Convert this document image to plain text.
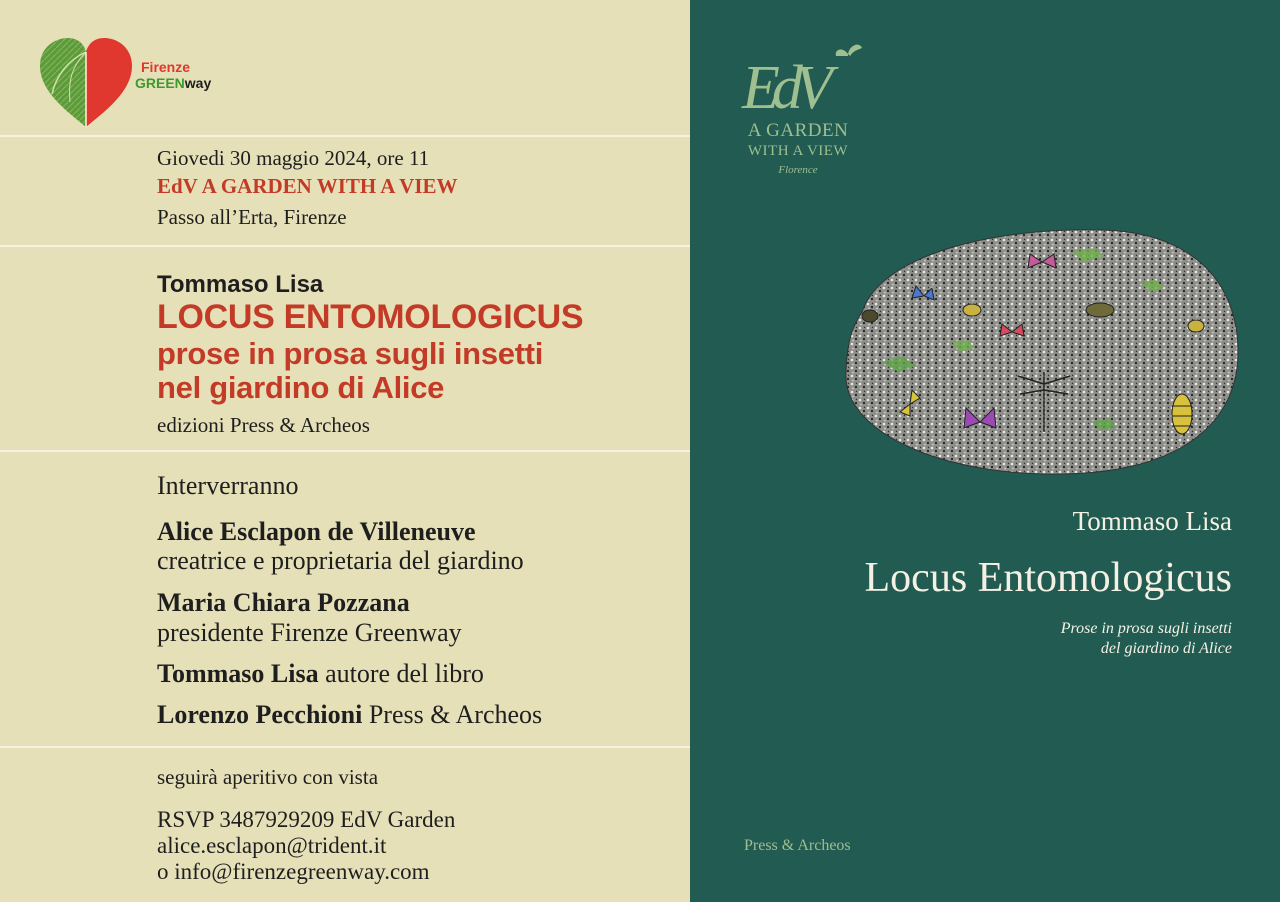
Firenze
GREENway
Giovedi 30 maggio 2024, ore 11
EdV A GARDEN WITH A VIEW
Passo all’Erta, Firenze
Tommaso Lisa
LOCUS ENTOMOLOGICUS
prose in prosa sugli insetti
nel giardino di Alice
edizioni Press & Archeos
Interverranno
Alice Esclapon de Villeneuve
creatrice e proprietaria del giardino
Maria Chiara Pozzana
presidente Firenze Greenway
Tommaso Lisa autore del libro
Lorenzo Pecchioni Press & Archeos
seguirà aperitivo con vista
RSVP 3487929209 EdV Garden
alice.esclapon@trident.it
o info@firenzegreenway.com
EdV
A GARDEN
WITH A VIEW
Florence
Tommaso Lisa
Locus Entomologicus
Prose in prosa sugli insetti
del giardino di Alice
Press & Archeos
